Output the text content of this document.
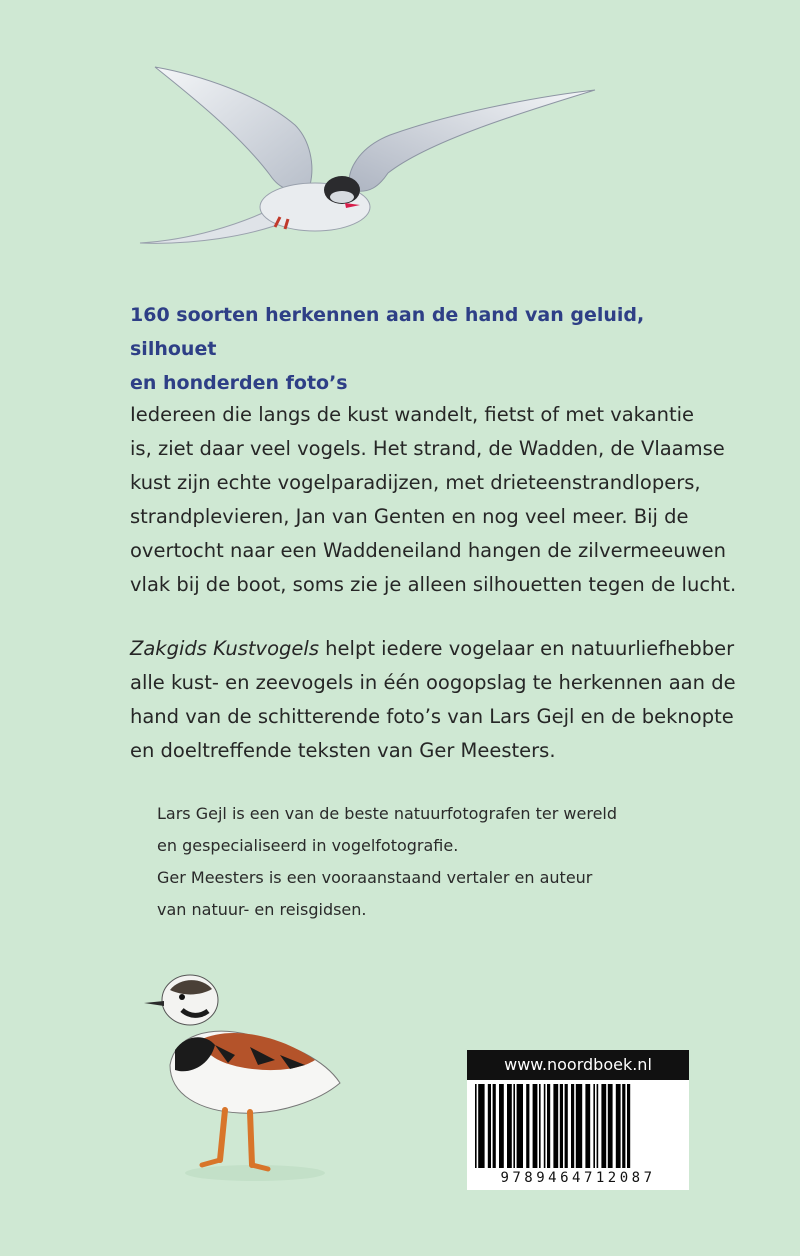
160 soorten herkennen aan de hand van geluid, silhouet
en honderden foto’s
Iedereen die langs de kust wandelt, fietst of met vakantie
is, ziet daar veel vogels. Het strand, de Wadden, de Vlaamse
kust zijn echte vogelparadijzen, met drieteenstrandlopers,
strandplevieren, Jan van Genten en nog veel meer. Bij de
overtocht naar een Waddeneiland hangen de zilvermeeuwen
vlak bij de boot, soms zie je alleen silhouetten tegen de lucht.
Zakgids Kustvogels helpt iedere vogelaar en natuurliefhebber
alle kust- en zeevogels in één oogopslag te herkennen aan de
hand van de schitterende foto’s van Lars Gejl en de beknopte
en doeltreffende teksten van Ger Meesters.
Lars Gejl is een van de beste natuurfotografen ter wereld
en gespecialiseerd in vogelfotografie.
Ger Meesters is een vooraanstaand vertaler en auteur
van natuur- en reisgidsen.
www.noordboek.nl
9789464712087
